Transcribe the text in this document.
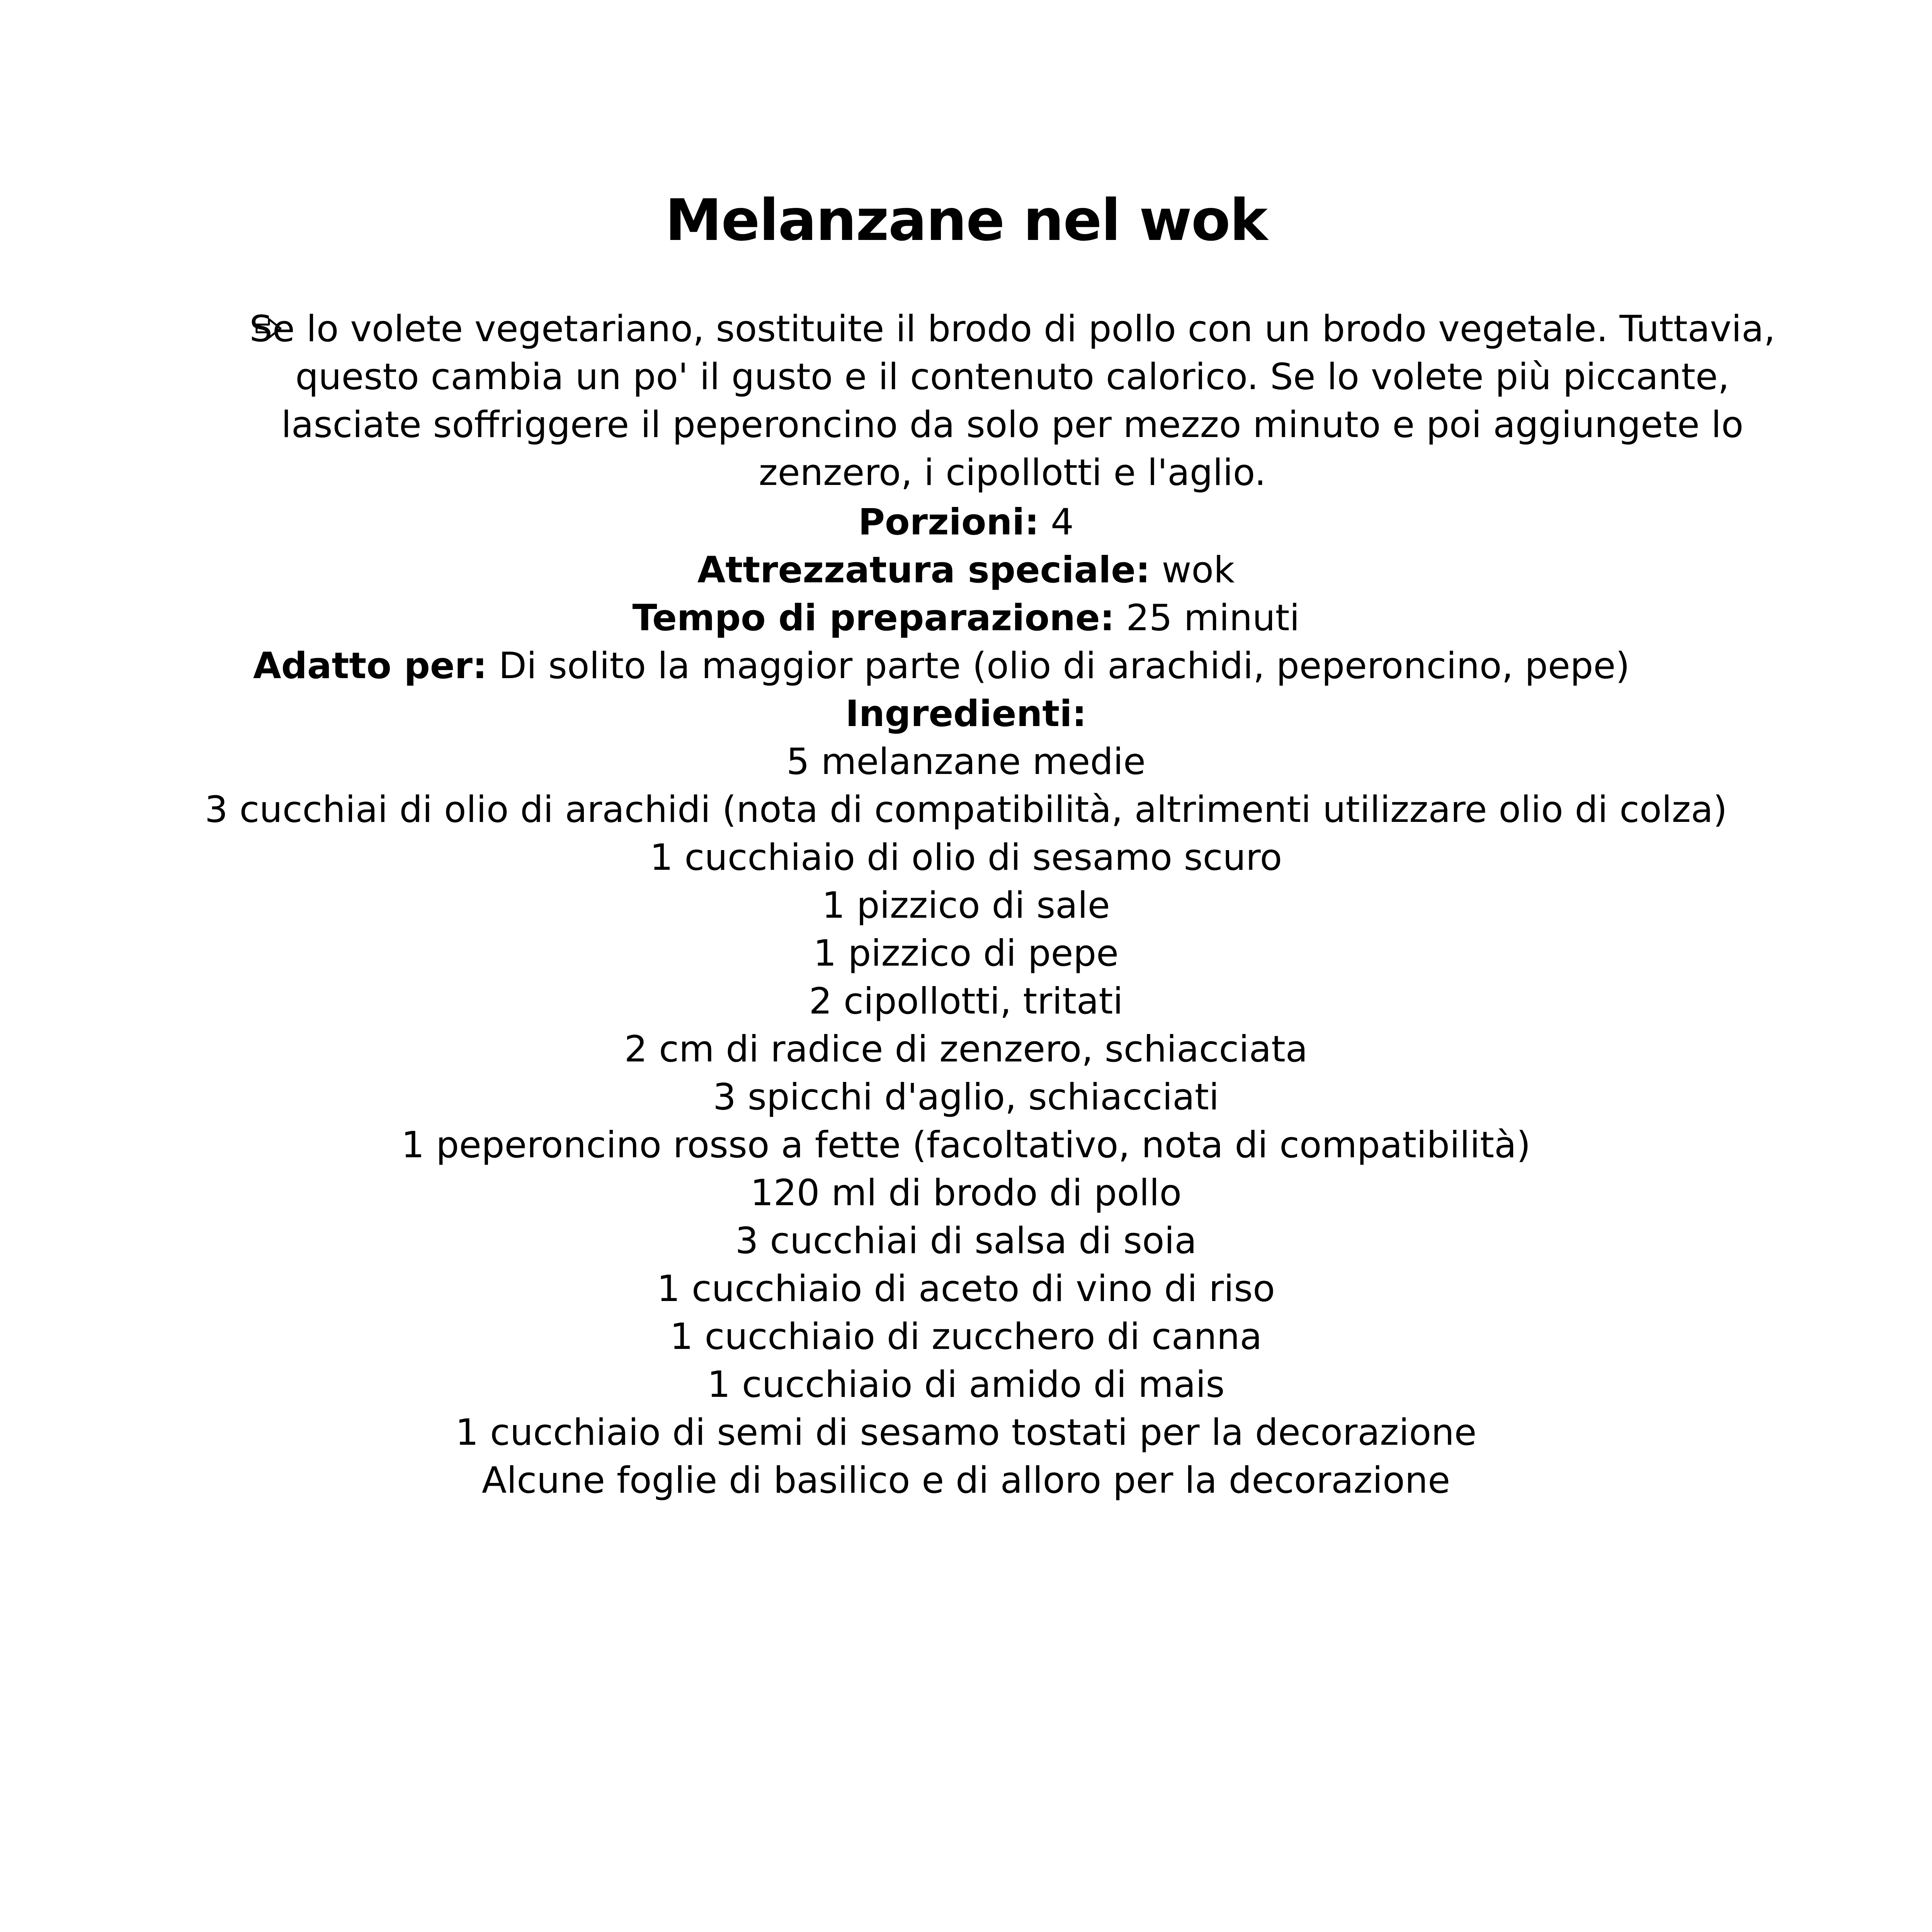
Melanzane nel wok

Se lo volete vegetariano, sostituite il brodo di pollo con un brodo vegetale. Tuttavia, questo cambia un po' il gusto e il contenuto calorico. Se lo volete più piccante, lasciate soffriggere il peperoncino da solo per mezzo minuto e poi aggiungete lo zenzero, i cipollotti e l'aglio.

Porzioni: 4
Attrezzatura speciale: wok
Tempo di preparazione: 25 minuti
Adatto per: Di solito la maggior parte (olio di arachidi, peperoncino, pepe)
Ingredienti:
5 melanzane medie
3 cucchiai di olio di arachidi (nota di compatibilità, altrimenti utilizzare olio di colza)
1 cucchiaio di olio di sesamo scuro
1 pizzico di sale
1 pizzico di pepe
2 cipollotti, tritati
2 cm di radice di zenzero, schiacciata
3 spicchi d'aglio, schiacciati
1 peperoncino rosso a fette (facoltativo, nota di compatibilità)
120 ml di brodo di pollo
3 cucchiai di salsa di soia
1 cucchiaio di aceto di vino di riso
1 cucchiaio di zucchero di canna
1 cucchiaio di amido di mais
1 cucchiaio di semi di sesamo tostati per la decorazione
Alcune foglie di basilico e di alloro per la decorazione
